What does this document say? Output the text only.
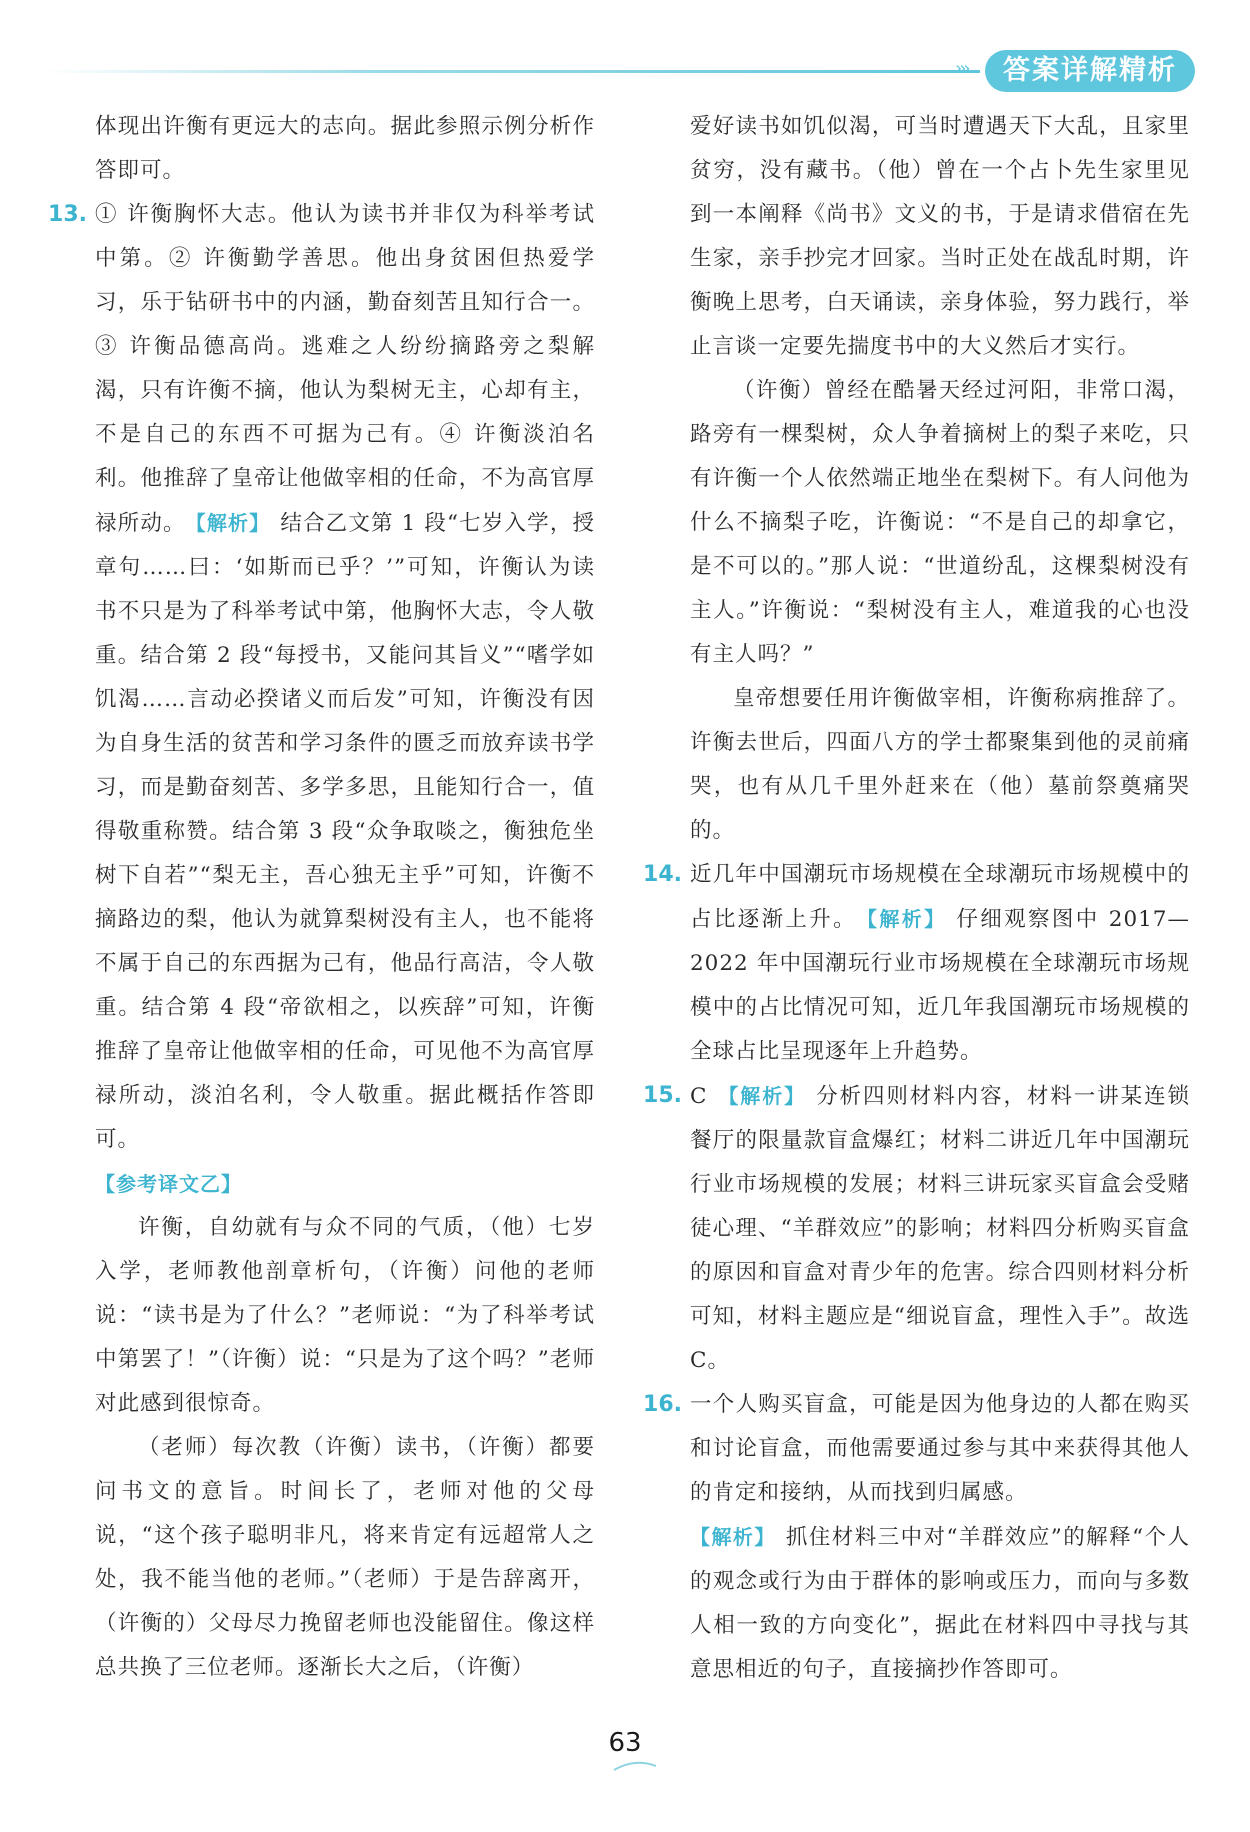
›››	答案详解精析

体现出许衡有更远大的志向。据此参照示例分析作答即可。

13. ① 许衡胸怀大志。他认为读书并非仅为科举考试中第。② 许衡勤学善思。他出身贫困但热爱学习，乐于钻研书中的内涵，勤奋刻苦且知行合一。③ 许衡品德高尚。逃难之人纷纷摘路旁之梨解渴，只有许衡不摘，他认为梨树无主，心却有主，不是自己的东西不可据为己有。④ 许衡淡泊名利。他推辞了皇帝让他做宰相的任命，不为高官厚禄所动。 【解析】 结合乙文第 1 段“七岁入学，授章句……曰：‘如斯而已乎？’”可知，许衡认为读书不只是为了科举考试中第，他胸怀大志，令人敬重。结合第 2 段“每授书，又能问其旨义”“嗜学如饥渴……言动必揆诸义而后发”可知，许衡没有因为自身生活的贫苦和学习条件的匮乏而放弃读书学习，而是勤奋刻苦、多学多思，且能知行合一，值得敬重称赞。结合第 3 段“众争取啖之，衡独危坐树下自若”“梨无主，吾心独无主乎”可知，许衡不摘路边的梨，他认为就算梨树没有主人，也不能将不属于自己的东西据为己有，他品行高洁，令人敬重。结合第 4 段“帝欲相之，以疾辞”可知，许衡推辞了皇帝让他做宰相的任命，可见他不为高官厚禄所动，淡泊名利，令人敬重。据此概括作答即可。

【参考译文乙】

许衡，自幼就有与众不同的气质，（他）七岁入学，老师教他剖章析句，（许衡）问他的老师说：“读书是为了什么？”老师说：“为了科举考试中第罢了！”（许衡）说：“只是为了这个吗？”老师对此感到很惊奇。

（老师）每次教（许衡）读书，（许衡）都要问书文的意旨。时间长了，老师对他的父母说，“这个孩子聪明非凡，将来肯定有远超常人之处，我不能当他的老师。”（老师）于是告辞离开，（许衡的）父母尽力挽留老师也没能留住。像这样总共换了三位老师。逐渐长大之后，（许衡）

爱好读书如饥似渴，可当时遭遇天下大乱，且家里贫穷，没有藏书。（他）曾在一个占卜先生家里见到一本阐释《尚书》文义的书，于是请求借宿在先生家，亲手抄完才回家。当时正处在战乱时期，许衡晚上思考，白天诵读，亲身体验，努力践行，举止言谈一定要先揣度书中的大义然后才实行。

（许衡）曾经在酷暑天经过河阳，非常口渴，路旁有一棵梨树，众人争着摘树上的梨子来吃，只有许衡一个人依然端正地坐在梨树下。有人问他为什么不摘梨子吃，许衡说：“不是自己的却拿它，是不可以的。”那人说：“世道纷乱，这棵梨树没有主人。”许衡说：“梨树没有主人，难道我的心也没有主人吗？”

皇帝想要任用许衡做宰相，许衡称病推辞了。许衡去世后，四面八方的学士都聚集到他的灵前痛哭，也有从几千里外赶来在（他）墓前祭奠痛哭的。

14. 近几年中国潮玩市场规模在全球潮玩市场规模中的占比逐渐上升。 【解析】 仔细观察图中 2017—2022 年中国潮玩行业市场规模在全球潮玩市场规模中的占比情况可知，近几年我国潮玩市场规模的全球占比呈现逐年上升趋势。

15. C 【解析】 分析四则材料内容，材料一讲某连锁餐厅的限量款盲盒爆红；材料二讲近几年中国潮玩行业市场规模的发展；材料三讲玩家买盲盒会受赌徒心理、“羊群效应”的影响；材料四分析购买盲盒的原因和盲盒对青少年的危害。综合四则材料分析可知，材料主题应是“细说盲盒，理性入手”。故选 C。

16. 一个人购买盲盒，可能是因为他身边的人都在购买和讨论盲盒，而他需要通过参与其中来获得其他人的肯定和接纳，从而找到归属感。

【解析】 抓住材料三中对“羊群效应”的解释“个人的观念或行为由于群体的影响或压力，而向与多数人相一致的方向变化”，据此在材料四中寻找与其意思相近的句子，直接摘抄作答即可。

63
